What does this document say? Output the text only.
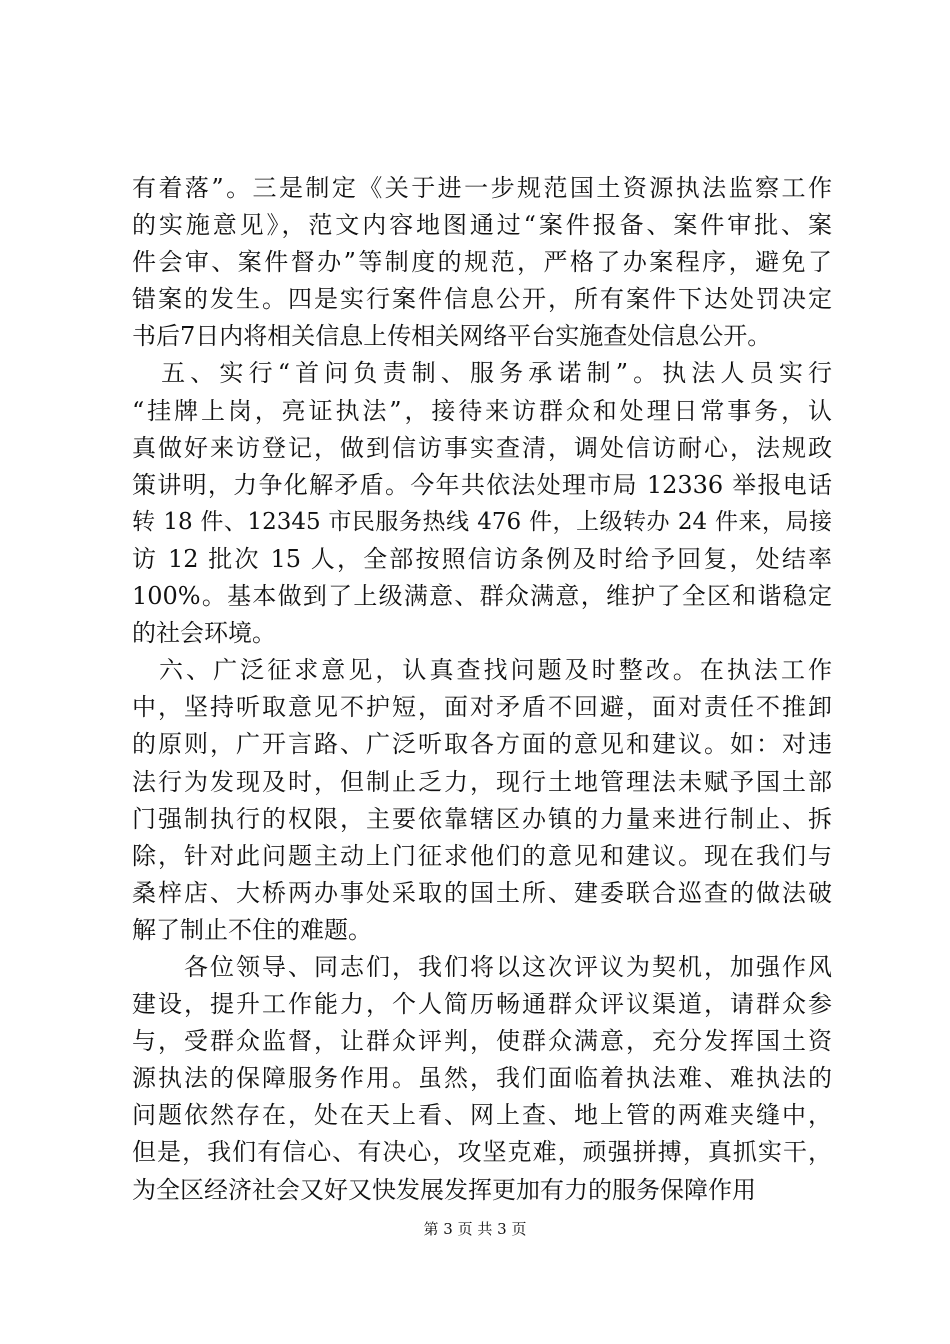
有着落”。三是制定《关于进一步规范国土资源执法监察工作
的实施意见》，范文内容地图通过“案件报备、案件审批、案
件会审、案件督办”等制度的规范，严格了办案程序，避免了
错案的发生。四是实行案件信息公开，所有案件下达处罚决定
书后7日内将相关信息上传相关网络平台实施查处信息公开。
　五、实行“首问负责制、服务承诺制”。执法人员实行
“挂牌上岗，亮证执法”，接待来访群众和处理日常事务，认
真做好来访登记，做到信访事实查清，调处信访耐心，法规政
策讲明，力争化解矛盾。今年共依法处理市局 12336 举报电话
转 18 件、12345 市民服务热线 476 件，上级转办 24 件来，局接
访 12 批次 15 人，全部按照信访条例及时给予回复，处结率
100%。基本做到了上级满意、群众满意，维护了全区和谐稳定
的社会环境。
　六、广泛征求意见，认真查找问题及时整改。在执法工作
中，坚持听取意见不护短，面对矛盾不回避，面对责任不推卸
的原则，广开言路、广泛听取各方面的意见和建议。如：对违
法行为发现及时，但制止乏力，现行土地管理法未赋予国土部
门强制执行的权限，主要依靠辖区办镇的力量来进行制止、拆
除，针对此问题主动上门征求他们的意见和建议。现在我们与
桑梓店、大桥两办事处采取的国土所、建委联合巡查的做法破
解了制止不住的难题。
　　各位领导、同志们，我们将以这次评议为契机，加强作风
建设，提升工作能力，个人简历畅通群众评议渠道，请群众参
与，受群众监督，让群众评判，使群众满意，充分发挥国土资
源执法的保障服务作用。虽然，我们面临着执法难、难执法的
问题依然存在，处在天上看、网上查、地上管的两难夹缝中，
但是，我们有信心、有决心，攻坚克难，顽强拼搏，真抓实干，
为全区经济社会又好又快发展发挥更加有力的服务保障作用
第 3 页 共 3 页
